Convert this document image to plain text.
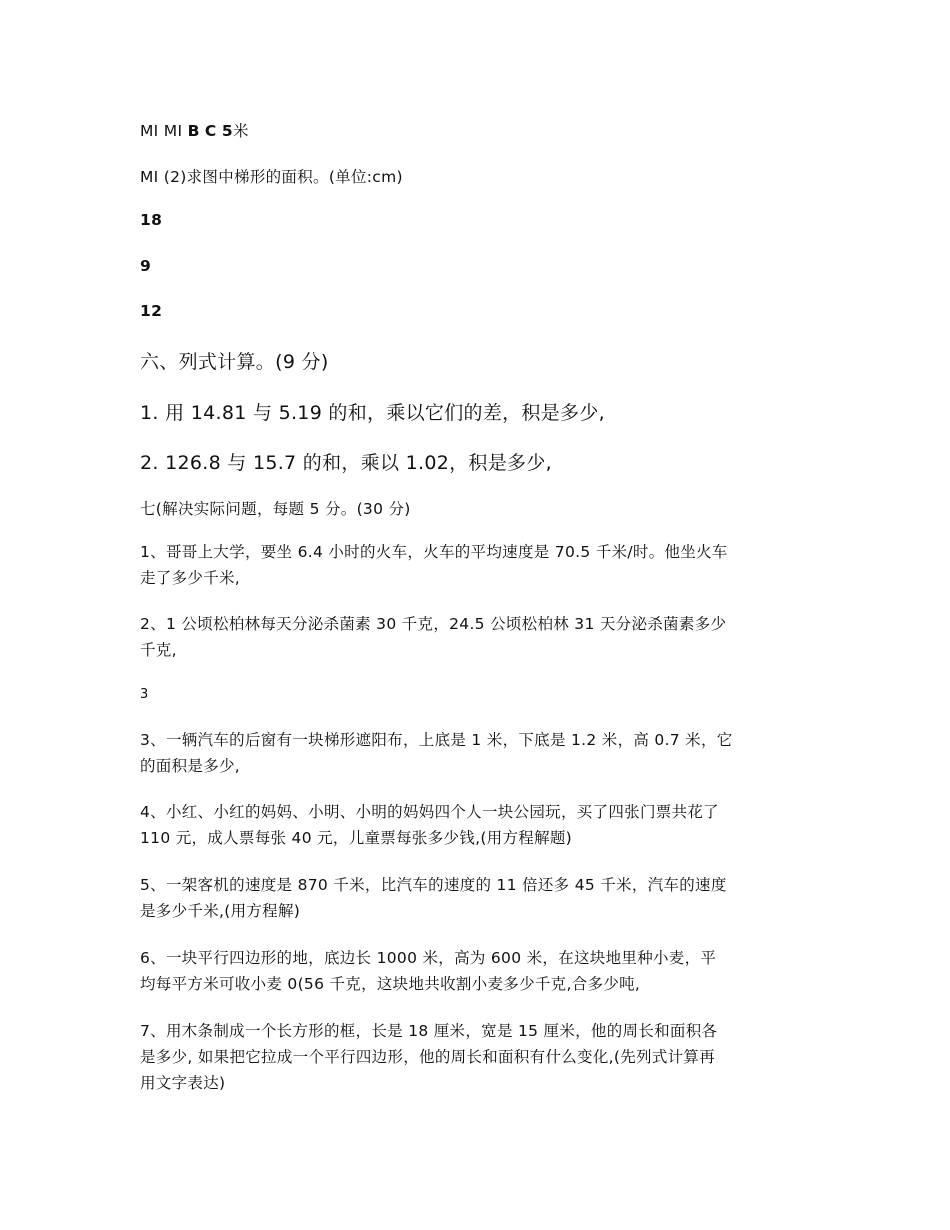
MI MI B C 5米
MI (2)求图中梯形的面积。(单位:cm)
18
9
12
六、列式计算。(9 分)
1. 用 14.81 与 5.19 的和，乘以它们的差，积是多少,
2. 126.8 与 15.7 的和，乘以 1.02，积是多少,
七(解决实际问题，每题 5 分。(30 分)
1、哥哥上大学，要坐 6.4 小时的火车，火车的平均速度是 70.5 千米/时。他坐火车
走了多少千米,
2、1 公顷松柏林每天分泌杀菌素 30 千克，24.5 公顷松柏林 31 天分泌杀菌素多少
千克,
3
3、一辆汽车的后窗有一块梯形遮阳布，上底是 1 米，下底是 1.2 米，高 0.7 米，它
的面积是多少,
4、小红、小红的妈妈、小明、小明的妈妈四个人一块公园玩，买了四张门票共花了
110 元，成人票每张 40 元，儿童票每张多少钱,(用方程解题)
5、一架客机的速度是 870 千米，比汽车的速度的 11 倍还多 45 千米，汽车的速度
是多少千米,(用方程解)
6、一块平行四边形的地，底边长 1000 米，高为 600 米，在这块地里种小麦，平
均每平方米可收小麦 0(56 千克，这块地共收割小麦多少千克,合多少吨,
7、用木条制成一个长方形的框，长是 18 厘米，宽是 15 厘米，他的周长和面积各
是多少, 如果把它拉成一个平行四边形，他的周长和面积有什么变化,(先列式计算再
用文字表达)
